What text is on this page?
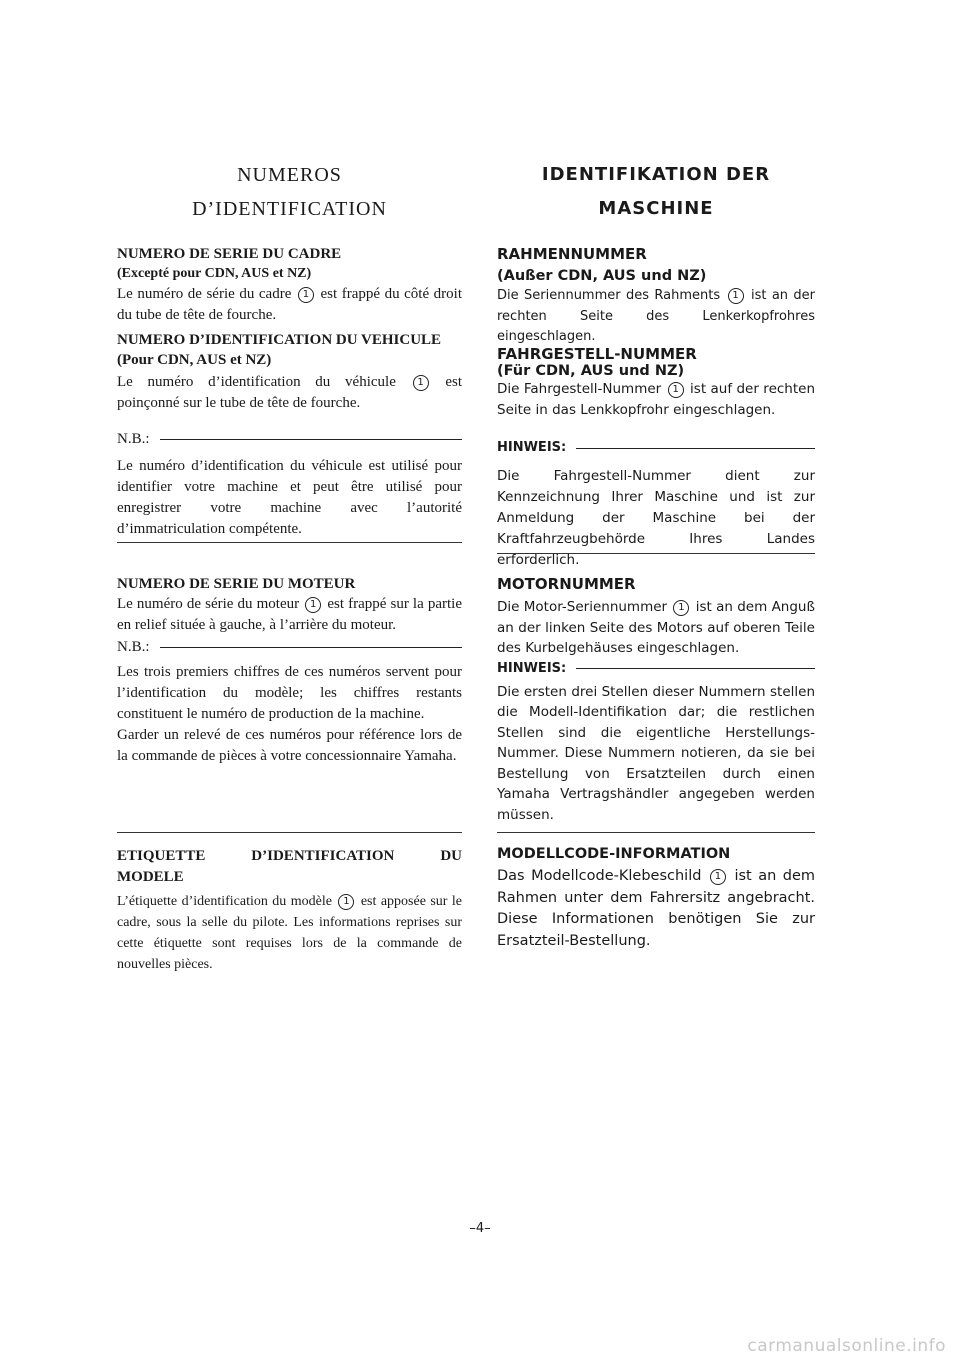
NUMEROS
D’IDENTIFICATION

NUMERO DE SERIE DU CADRE

(Excepté pour CDN, AUS et NZ)

Le numéro de série du cadre 1 est frappé du côté droit du tube de tête de fourche.

NUMERO D’IDENTIFICATION DU VEHICULE (Pour CDN, AUS et NZ)

Le numéro d’identification du véhicule 1 est poinçonné sur le tube de tête de fourche.

N.B.:

Le numéro d’identification du véhicule est utilisé pour identifier votre machine et peut être utilisé pour enregistrer votre machine avec l’autorité d’immatriculation compétente.

NUMERO DE SERIE DU MOTEUR

Le numéro de série du moteur 1 est frappé sur la partie en relief située à gauche, à l’arrière du moteur.

N.B.:

Les trois premiers chiffres de ces numéros servent pour l’identification du modèle; les chiffres restants constituent le numéro de production de la machine.

Garder un relevé de ces numéros pour référence lors de la commande de pièces à votre concessionnaire Yamaha.

ETIQUETTE D’IDENTIFICATION DU MODELE

L’étiquette d’identification du modèle 1 est apposée sur le cadre, sous la selle du pilote. Les informations reprises sur cette étiquette sont requises lors de la commande de nouvelles pièces.

IDENTIFIKATION DER
MASCHINE

RAHMENNUMMER

(Außer CDN, AUS und NZ)

Die Seriennummer des Rahments 1 ist an der rechten Seite des Lenkerkopfrohres eingeschlagen.

FAHRGESTELL-NUMMER

(Für CDN, AUS und NZ)

Die Fahrgestell-Nummer 1 ist auf der rechten Seite in das Lenkkopfrohr eingeschlagen.

HINWEIS:

Die Fahrgestell-Nummer dient zur Kennzeichnung Ihrer Maschine und ist zur Anmeldung der Maschine bei der Kraftfahrzeugbehörde Ihres Landes erforderlich.

MOTORNUMMER

Die Motor-Seriennummer 1 ist an dem Anguß an der linken Seite des Motors auf oberen Teile des Kurbelgehäuses eingeschlagen.

HINWEIS:

Die ersten drei Stellen dieser Nummern stellen die Modell-Identifikation dar; die restlichen Stellen sind die eigentliche Herstellungs-Nummer. Diese Nummern notieren, da sie bei Bestellung von Ersatzteilen durch einen Yamaha Vertragshändler angegeben werden müssen.

MODELLCODE-INFORMATION

Das Modellcode-Klebeschild 1 ist an dem Rahmen unter dem Fahrersitz angebracht. Diese Informationen benötigen Sie zur Ersatzteil-Bestellung.

–4–
carmanualsonline.info
